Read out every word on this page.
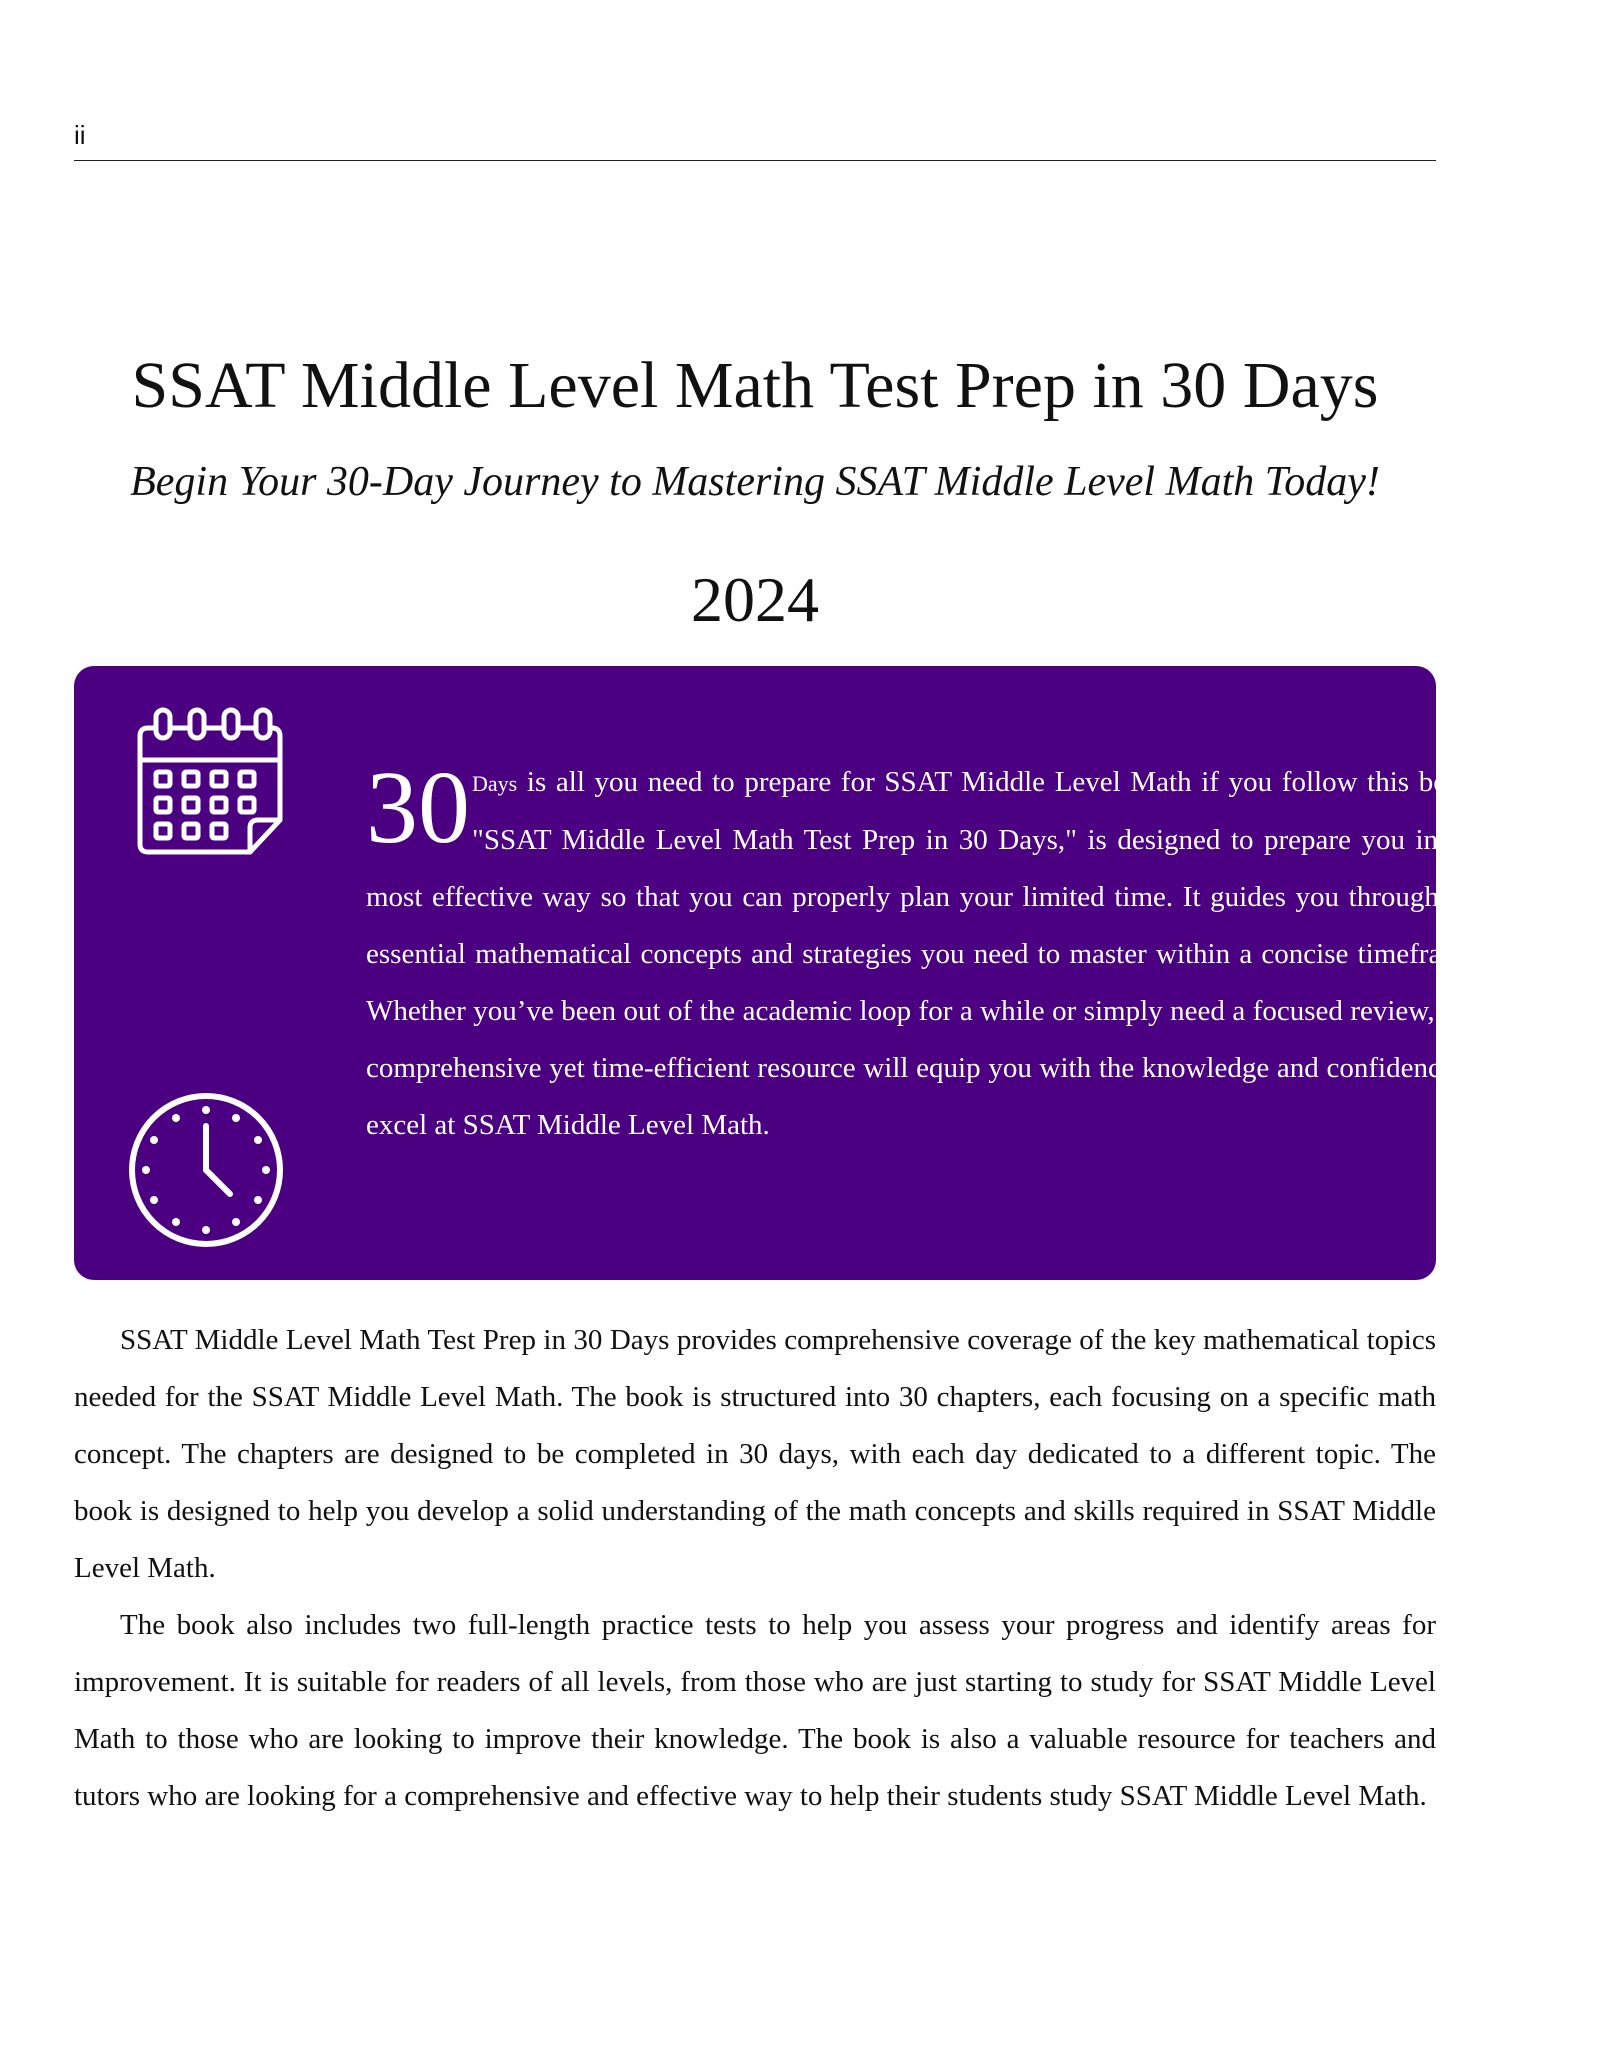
ii
SSAT Middle Level Math Test Prep in 30 Days

Begin Your 30-Day Journey to Mastering SSAT Middle Level Math Today!

2024

30 Days is all you need to prepare for SSAT Middle Level Math if you follow this book. "SSAT Middle Level Math Test Prep in 30 Days," is designed to prepare you in the most effective way so that you can properly plan your limited time. It guides you through the essential mathematical concepts and strategies you need to master within a concise timeframe. Whether you’ve been out of the academic loop for a while or simply need a focused review, this comprehensive yet time-efficient resource will equip you with the knowledge and confidence to excel at SSAT Middle Level Math.

SSAT Middle Level Math Test Prep in 30 Days provides comprehensive coverage of the key mathematical topics needed for the SSAT Middle Level Math. The book is structured into 30 chapters, each focusing on a specific math concept. The chapters are designed to be completed in 30 days, with each day dedicated to a different topic. The book is designed to help you develop a solid understanding of the math concepts and skills required in SSAT Middle Level Math.

The book also includes two full-length practice tests to help you assess your progress and identify areas for improvement. It is suitable for readers of all levels, from those who are just starting to study for SSAT Middle Level Math to those who are looking to improve their knowledge. The book is also a valuable resource for teachers and tutors who are looking for a comprehensive and effective way to help their students study SSAT Middle Level Math.
